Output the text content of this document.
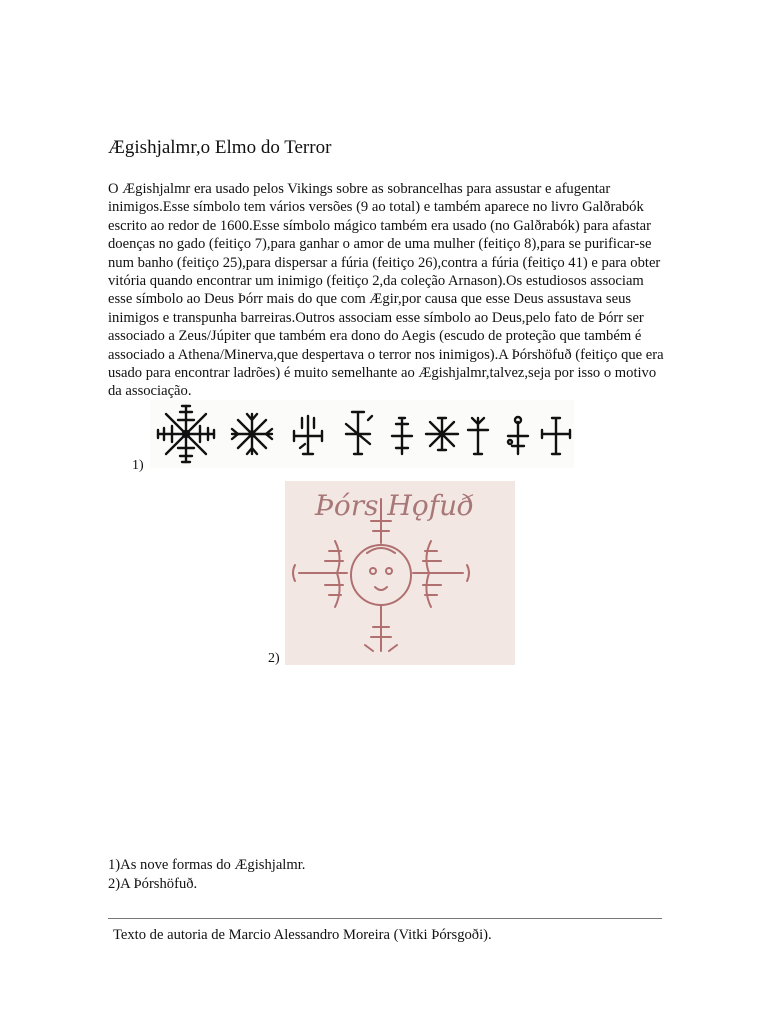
Ægishjalmr,o Elmo do Terror
O Ægishjalmr era usado pelos Vikings sobre as sobrancelhas para assustar e afugentar inimigos.Esse símbolo tem vários versões (9 ao total) e também aparece no livro Galðrabók escrito ao redor de 1600.Esse símbolo mágico também era usado (no Galðrabók) para afastar doenças no gado (feitiço 7),para ganhar o amor de uma mulher (feitiço 8),para se purificar-se num banho (feitiço 25),para dispersar a fúria (feitiço 26),contra a fúria (feitiço 41) e para obter vitória quando encontrar um inimigo (feitiço 2,da coleção Arnason).Os estudiosos associam esse símbolo ao Deus Þórr mais do que com Ægir,por causa que esse Deus assustava seus inimigos e transpunha barreiras.Outros associam esse símbolo ao Deus,pelo fato de Þórr ser associado a Zeus/Júpiter que também era dono do Aegis (escudo de proteção que também é associado a Athena/Minerva,que despertava o terror nos inimigos).A Þórshöfuð (feitiço que era usado para encontrar ladrões) é muito semelhante ao Ægishjalmr,talvez,seja por isso o motivo da associação.
1)
Þórs Hǫfuð
2)
1)As nove formas do Ægishjalmr.
2)A Þórshöfuð.
Texto de autoria de Marcio Alessandro Moreira (Vitki Þórsgoði).
